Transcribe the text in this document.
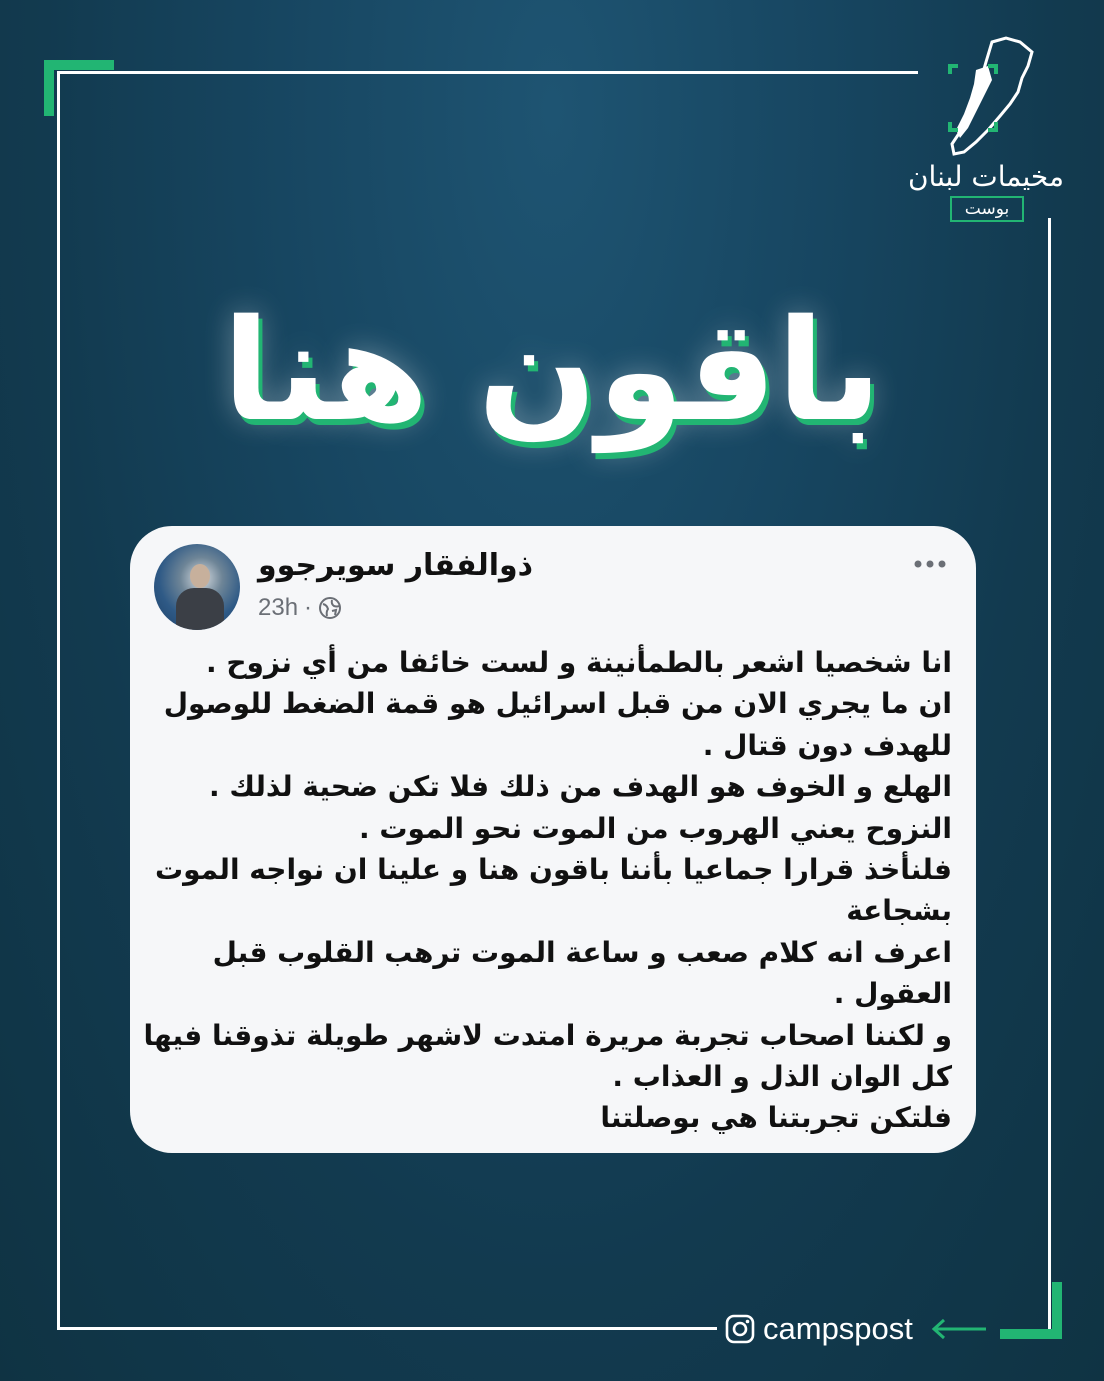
مخيمات لبنان
بوست
باقون هنا
ذوالفقار سويرجوو
23h ·
انا شخصيا اشعر بالطمأنينة و لست خائفا من أي نزوح .
ان ما يجري الان من قبل اسرائيل هو قمة الضغط للوصول
للهدف دون قتال .
الهلع و الخوف هو الهدف من ذلك فلا تكن ضحية لذلك .
النزوح يعني الهروب من الموت نحو الموت .
فلنأخذ قرارا جماعيا بأننا باقون هنا و علينا ان نواجه الموت
بشجاعة
اعرف انه كلام صعب و ساعة الموت ترهب القلوب قبل
العقول .
و لكننا اصحاب تجربة مريرة امتدت لاشهر طويلة تذوقنا فيها
كل الوان الذل و العذاب .
فلتكن تجربتنا هي بوصلتنا
campspost
